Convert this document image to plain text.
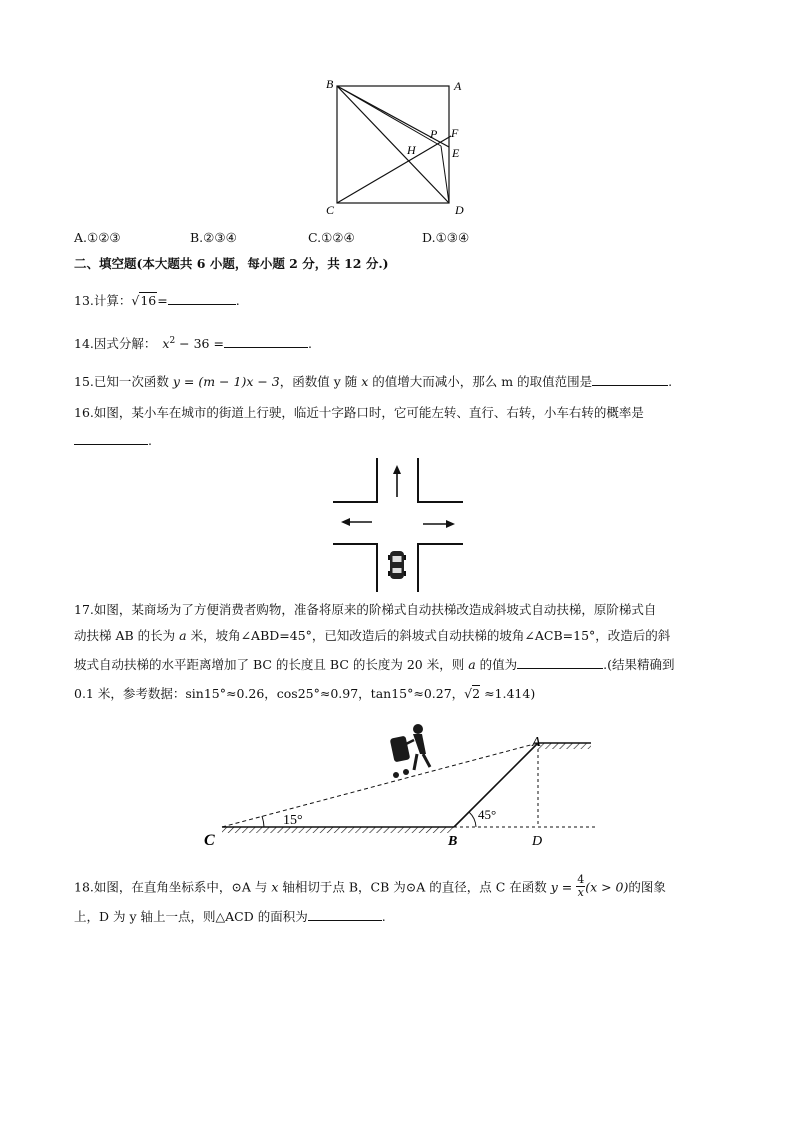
B	A
P F
H	E
C	D
A.①②③	B.②③④	C.①②④	D.①③④
二、填空题(本大题共 6 小题，每小题 2 分，共 12 分.)
13.计算：√16=	.
14.因式分解： $x^2 - 36$ =	.
15.已知一次函数 y = (m − 1)x − 3，函数值 y 随 x 的值增大而减小，那么 m 的取值范围是	.
16.如图，某小车在城市的街道上行驶，临近十字路口时，它可能左转、直行、右转，小车右转的概率是
.
17.如图，某商场为了方便消费者购物，准备将原来的阶梯式自动扶梯改造成斜坡式自动扶梯，原阶梯式自
动扶梯 AB 的长为 a 米，坡角∠ABD=45°，已知改造后的斜坡式自动扶梯的坡角∠ACB=15°，改造后的斜
坡式自动扶梯的水平距离增加了 BC 的长度且 BC 的长度为 20 米，则 a 的值为	.(结果精确到
0.1 米，参考数据：sin15°≈0.26，cos25°≈0.97，tan15°≈0.27，√2 ≈1.414)
C	B	D
A
15°	45°
18.如图，在直角坐标系中，⊙A 与 x 轴相切于点 B，CB 为⊙A 的直径，点 C 在函数 $y = \frac{4}{x} (x > 0)$的图象
上，D 为 y 轴上一点，则△ACD 的面积为	.
